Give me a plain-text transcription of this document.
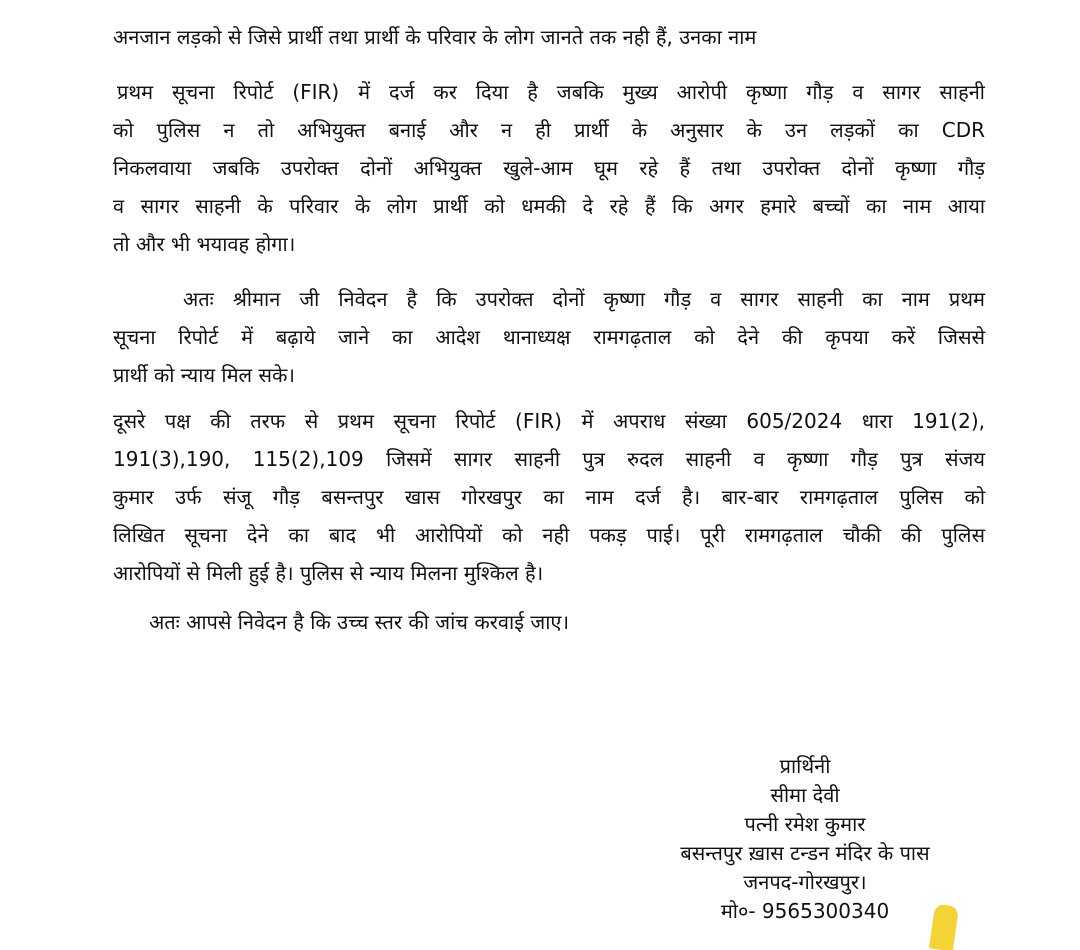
अनजान लड़को से जिसे प्रार्थी तथा प्रार्थी के परिवार के लोग जानते तक नही हैं, उनका नाम
प्रथम सूचना रिपोर्ट (FIR) में दर्ज कर दिया है जबकि मुख्य आरोपी कृष्णा गौड़ व सागर साहनी
को पुलिस न तो अभियुक्त बनाई और न ही प्रार्थी के अनुसार के उन लड़कों का CDR
निकलवाया जबकि उपरोक्त दोनों अभियुक्त खुले-आम घूम रहे हैं तथा उपरोक्त दोनों कृष्णा गौड़
व सागर साहनी के परिवार के लोग प्रार्थी को धमकी दे रहे हैं कि अगर हमारे बच्चों का नाम आया
तो और भी भयावह होगा।
अतः श्रीमान जी निवेदन है कि उपरोक्त दोनों कृष्णा गौड़ व सागर साहनी का नाम प्रथम
सूचना रिपोर्ट में बढ़ाये जाने का आदेश थानाध्यक्ष रामगढ़ताल को देने की कृपया करें जिससे
प्रार्थी को न्याय मिल सके।
दूसरे पक्ष की तरफ से प्रथम सूचना रिपोर्ट (FIR) में अपराध संख्या 605/2024 धारा 191(2),
191(3),190, 115(2),109 जिसमें सागर साहनी पुत्र रुदल साहनी व कृष्णा गौड़ पुत्र संजय
कुमार उर्फ संजू गौड़ बसन्तपुर खास गोरखपुर का नाम दर्ज है। बार-बार रामगढ़ताल पुलिस को
लिखित सूचना देने का बाद भी आरोपियों को नही पकड़ पाई। पूरी रामगढ़ताल चौकी की पुलिस
आरोपियों से मिली हुई है। पुलिस से न्याय मिलना मुश्किल है।
अतः आपसे निवेदन है कि उच्च स्तर की जांच करवाई जाए।
प्रार्थिनी
सीमा देवी
पत्नी रमेश कुमार
बसन्तपुर ख़ास टन्डन मंदिर के पास
जनपद-गोरखपुर।
मो०- 9565300340
